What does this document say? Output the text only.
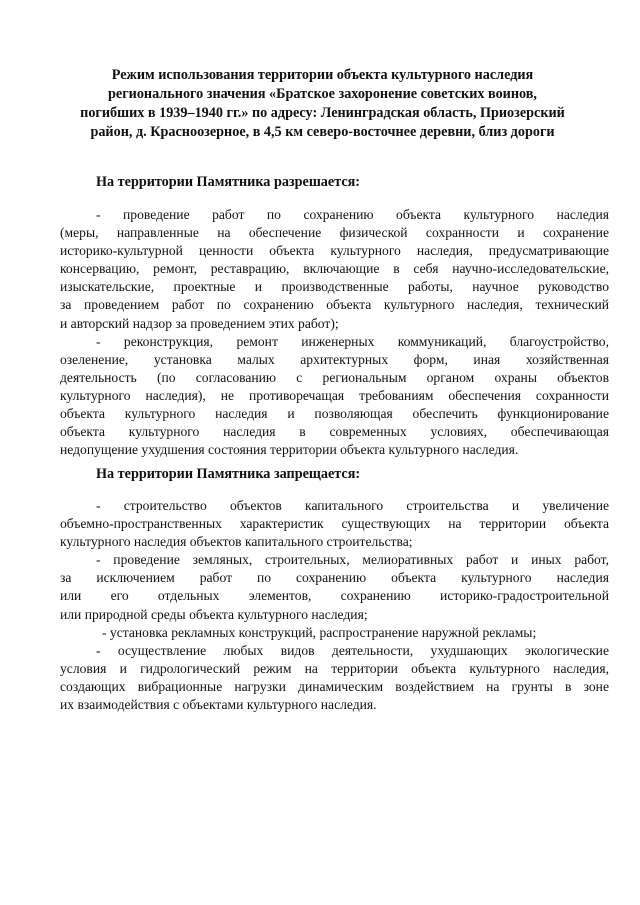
Режим использования территории объекта культурного наследия
регионального значения «Братское захоронение советских воинов,
погибших в 1939–1940 гг.» по адресу: Ленинградская область, Приозерский
район, д. Красноозерное, в 4,5 км северо-восточнее деревни, близ дороги
На территории Памятника разрешается:
- проведение работ по сохранению объекта культурного наследия
(меры, направленные на обеспечение физической сохранности и сохранение
историко-культурной ценности объекта культурного наследия, предусматривающие
консервацию, ремонт, реставрацию, включающие в себя научно-исследовательские,
изыскательские, проектные и производственные работы, научное руководство
за проведением работ по сохранению объекта культурного наследия, технический
и авторский надзор за проведением этих работ);
- реконструкция, ремонт инженерных коммуникаций, благоустройство,
озеленение, установка малых архитектурных форм, иная хозяйственная
деятельность (по согласованию с региональным органом охраны объектов
культурного наследия), не противоречащая требованиям обеспечения сохранности
объекта культурного наследия и позволяющая обеспечить функционирование
объекта культурного наследия в современных условиях, обеспечивающая
недопущение ухудшения состояния территории объекта культурного наследия.
На территории Памятника запрещается:
- строительство объектов капитального строительства и увеличение
объемно-пространственных характеристик существующих на территории объекта
культурного наследия объектов капитального строительства;
- проведение земляных, строительных, мелиоративных работ и иных работ,
за исключением работ по сохранению объекта культурного наследия
или его отдельных элементов, сохранению историко-градостроительной
или природной среды объекта культурного наследия;
- установка рекламных конструкций, распространение наружной рекламы;
- осуществление любых видов деятельности, ухудшающих экологические
условия и гидрологический режим на территории объекта культурного наследия,
создающих вибрационные нагрузки динамическим воздействием на грунты в зоне
их взаимодействия с объектами культурного наследия.
